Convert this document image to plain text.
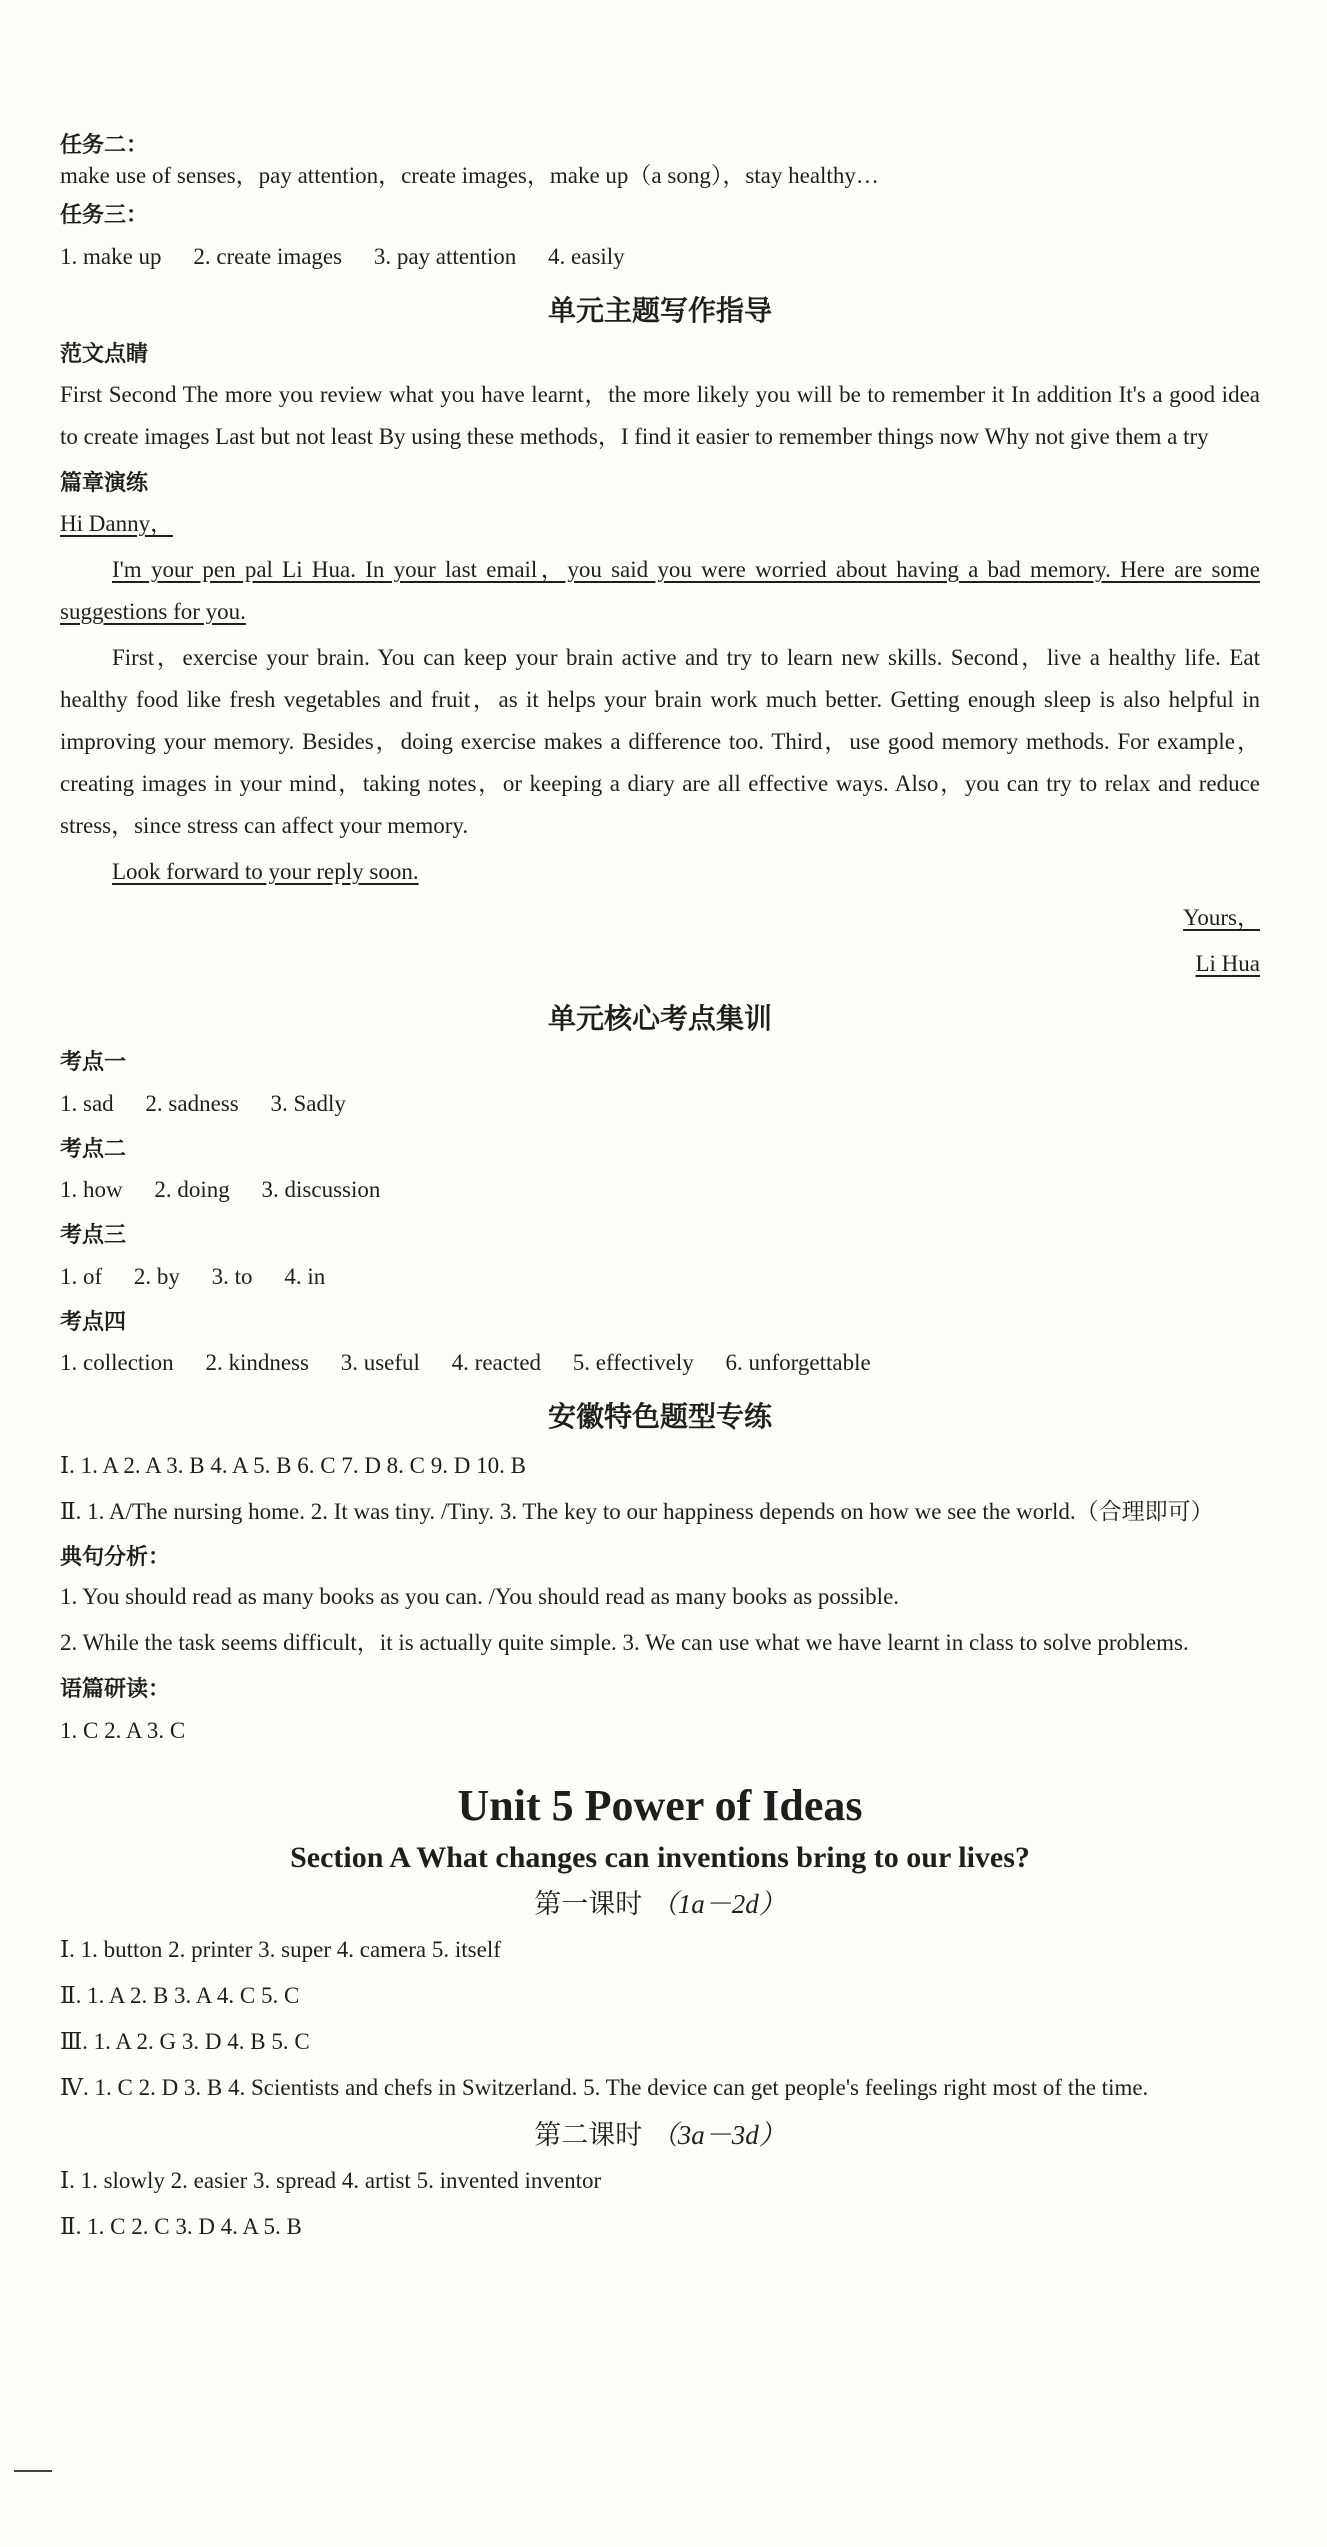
任务二：
make use of senses，pay attention，create images，make up（a song），stay healthy…
任务三：
1. make up 2. create images 3. pay attention 4. easily
单元主题写作指导
范文点睛
First Second The more you review what you have learnt，the more likely you will be to remember it In addition It's a good idea to create images Last but not least By using these methods，I find it easier to remember things now Why not give them a try
篇章演练
Hi Danny，
I'm your pen pal Li Hua. In your last email，you said you were worried about having a bad memory. Here are some suggestions for you.
First，exercise your brain. You can keep your brain active and try to learn new skills. Second，live a healthy life. Eat healthy food like fresh vegetables and fruit，as it helps your brain work much better. Getting enough sleep is also helpful in improving your memory. Besides，doing exercise makes a difference too. Third，use good memory methods. For example，creating images in your mind，taking notes，or keeping a diary are all effective ways. Also，you can try to relax and reduce stress，since stress can affect your memory.
Look forward to your reply soon.
Yours，
Li Hua
单元核心考点集训
考点一
1. sad 2. sadness 3. Sadly
考点二
1. how 2. doing 3. discussion
考点三
1. of 2. by 3. to 4. in
考点四
1. collection 2. kindness 3. useful 4. reacted 5. effectively 6. unforgettable
安徽特色题型专练
Ⅰ. 1. A 2. A 3. B 4. A 5. B 6. C 7. D 8. C 9. D 10. B
Ⅱ. 1. A/The nursing home. 2. It was tiny. /Tiny. 3. The key to our happiness depends on how we see the world.（合理即可）
典句分析：
1. You should read as many books as you can. /You should read as many books as possible.
2. While the task seems difficult，it is actually quite simple. 3. We can use what we have learnt in class to solve problems.
语篇研读：
1. C 2. A 3. C
Unit 5 Power of Ideas
Section A What changes can inventions bring to our lives?
第一课时 （1a－2d）
Ⅰ. 1. button 2. printer 3. super 4. camera 5. itself
Ⅱ. 1. A 2. B 3. A 4. C 5. C
Ⅲ. 1. A 2. G 3. D 4. B 5. C
Ⅳ. 1. C 2. D 3. B 4. Scientists and chefs in Switzerland. 5. The device can get people's feelings right most of the time.
第二课时 （3a－3d）
Ⅰ. 1. slowly 2. easier 3. spread 4. artist 5. invented inventor
Ⅱ. 1. C 2. C 3. D 4. A 5. B
